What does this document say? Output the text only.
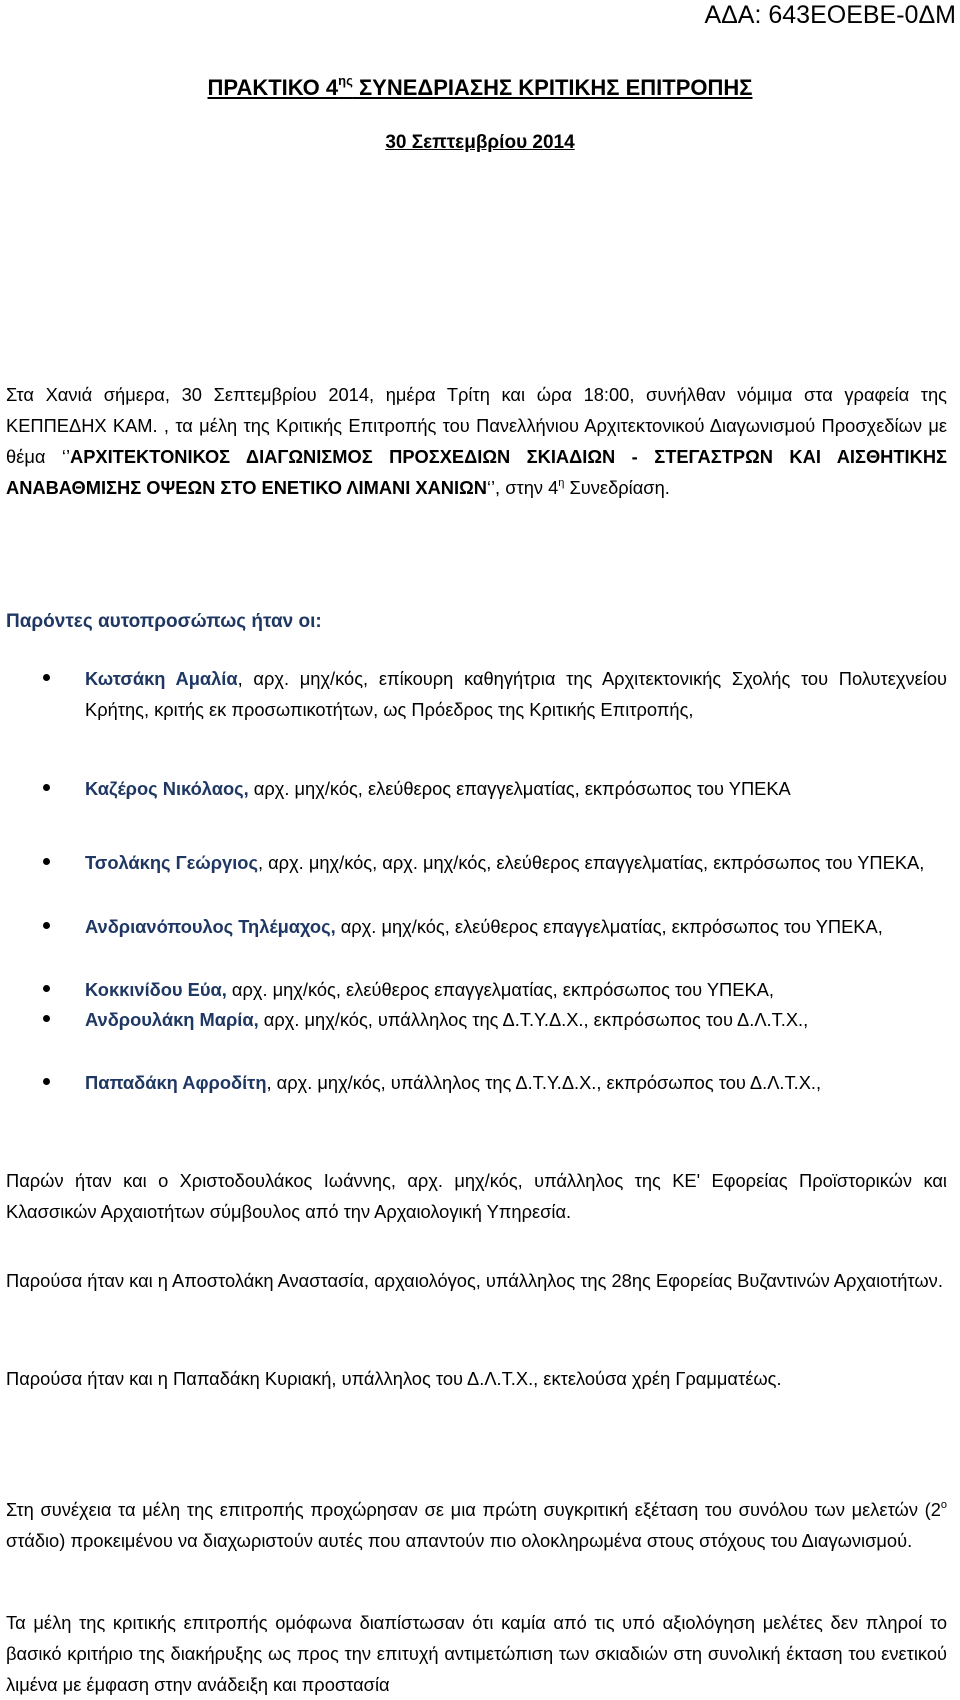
ΑΔΑ: 643ΕΟΕΒΕ-0ΔΜ
ΠΡΑΚΤΙΚΟ $4^{\eta\varsigma}$ ΣΥΝΕΔΡΙΑΣΗΣ ΚΡΙΤΙΚΗΣ ΕΠΙΤΡΟΠΗΣ
30 Σεπτεμβρίου 2014
Στα Χανιά σήμερα, 30 Σεπτεμβρίου 2014, ημέρα Τρίτη και ώρα 18:00, συνήλθαν νόμιμα στα γραφεία της ΚΕΠΠΕΔΗΧ ΚΑΜ. , τα μέλη της Κριτικής Επιτροπής του Πανελλήνιου Αρχιτεκτονικού Διαγωνισμού Προσχεδίων με θέμα ‘’ΑΡΧΙΤΕΚΤΟΝΙΚΟΣ ΔΙΑΓΩΝΙΣΜΟΣ ΠΡΟΣΧΕΔΙΩΝ ΣΚΙΑΔΙΩΝ - ΣΤΕΓΑΣΤΡΩΝ ΚΑΙ ΑΙΣΘΗΤΙΚΗΣ ΑΝΑΒΑΘΜΙΣΗΣ ΟΨΕΩΝ ΣΤΟ ΕΝΕΤΙΚΟ ΛΙΜΑΝΙ ΧΑΝΙΩΝ‘’, στην $4^\eta$ Συνεδρίαση.
Παρόντες αυτοπροσώπως ήταν οι:
Κωτσάκη Αμαλία, αρχ. μηχ/κός, επίκουρη καθηγήτρια της Αρχιτεκτονικής Σχολής του Πολυτεχνείου Κρήτης, κριτής εκ προσωπικοτήτων, ως Πρόεδρος της Κριτικής Επιτροπής,
Καζέρος Νικόλαος, αρχ. μηχ/κός, ελεύθερος επαγγελματίας, εκπρόσωπος του ΥΠΕΚΑ
Τσολάκης Γεώργιος, αρχ. μηχ/κός, αρχ. μηχ/κός, ελεύθερος επαγγελματίας, εκπρόσωπος του ΥΠΕΚΑ,
Ανδριανόπουλος Τηλέμαχος, αρχ. μηχ/κός, ελεύθερος επαγγελματίας, εκπρόσωπος του ΥΠΕΚΑ,
Κοκκινίδου Εύα, αρχ. μηχ/κός, ελεύθερος επαγγελματίας, εκπρόσωπος του ΥΠΕΚΑ,
Ανδρουλάκη Μαρία, αρχ. μηχ/κός, υπάλληλος της Δ.Τ.Υ.Δ.Χ., εκπρόσωπος του Δ.Λ.Τ.Χ.,
Παπαδάκη Αφροδίτη, αρχ. μηχ/κός, υπάλληλος της Δ.Τ.Υ.Δ.Χ., εκπρόσωπος του Δ.Λ.Τ.Χ.,
Παρών ήταν και ο Χριστοδουλάκος Ιωάννης, αρχ. μηχ/κός, υπάλληλος της ΚΕ' Εφορείας Προϊστορικών και Κλασσικών Αρχαιοτήτων σύμβουλος από την Αρχαιολογική Υπηρεσία.
Παρούσα ήταν και η Αποστολάκη Αναστασία, αρχαιολόγος, υπάλληλος της 28ης Εφορείας Βυζαντινών Αρχαιοτήτων.
Παρούσα ήταν και η Παπαδάκη Κυριακή, υπάλληλος του Δ.Λ.Τ.Χ., εκτελούσα χρέη Γραμματέως.
Στη συνέχεια τα μέλη της επιτροπής προχώρησαν σε μια πρώτη συγκριτική εξέταση του συνόλου των μελετών ($2^o$ στάδιο) προκειμένου να διαχωριστούν αυτές που απαντούν πιο ολοκληρωμένα στους στόχους του Διαγωνισμού.
Τα μέλη της κριτικής επιτροπής ομόφωνα διαπίστωσαν ότι καμία από τις υπό αξιολόγηση μελέτες δεν πληροί το βασικό κριτήριο της διακήρυξης ως προς την επιτυχή αντιμετώπιση των σκιαδιών στη συνολική έκταση του ενετικού λιμένα με έμφαση στην ανάδειξη και προστασία
